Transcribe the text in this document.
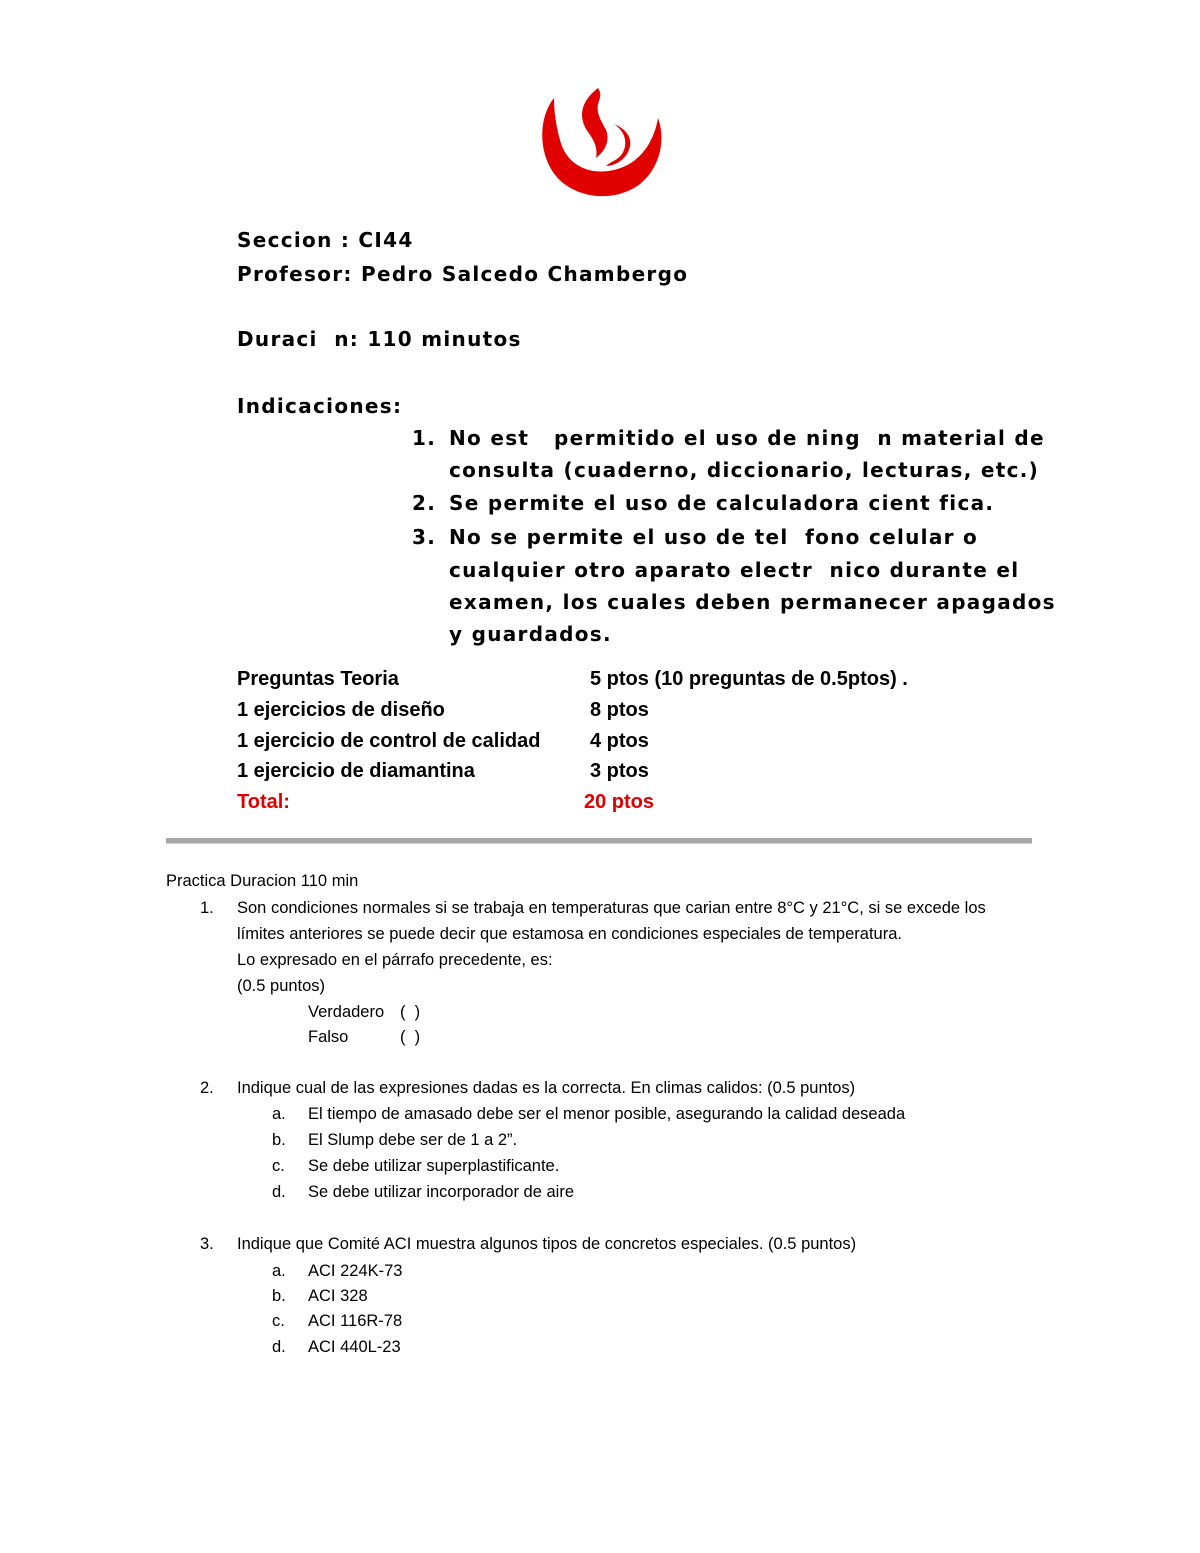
Seccion : CI44
Profesor: Pedro Salcedo Chambergo
Duraci  n: 110 minutos
Indicaciones:
1. No est   permitido el uso de ning  n material de
consulta (cuaderno, diccionario, lecturas, etc.)
2. Se permite el uso de calculadora cient fica.
3. No se permite el uso de tel  fono celular o
cualquier otro aparato electr  nico durante el
examen, los cuales deben permanecer apagados
y guardados.
Preguntas Teoria	5 ptos (10 preguntas de 0.5ptos) .
1 ejercicios de diseño	8 ptos
1 ejercicio de control de calidad 4 ptos
1 ejercicio de diamantina	3 ptos
Total:	20 ptos
Practica Duracion 110 min
1. Son condiciones normales si se trabaja en temperaturas que carian entre 8°C y 21°C, si se excede los
límites anteriores se puede decir que estamosa en condiciones especiales de temperatura.
Lo expresado en el párrafo precedente, es:
(0.5 puntos)
Verdadero (  )
Falso	(  )
2. Indique cual de las expresiones dadas es la correcta. En climas calidos: (0.5 puntos)
a. El tiempo de amasado debe ser el menor posible, asegurando la calidad deseada
b. El Slump debe ser de 1 a 2”.
c. Se debe utilizar superplastificante.
d. Se debe utilizar incorporador de aire
3. Indique que Comité ACI muestra algunos tipos de concretos especiales. (0.5 puntos)
a. ACI 224K-73
b. ACI 328
c. ACI 116R-78
d. ACI 440L-23
